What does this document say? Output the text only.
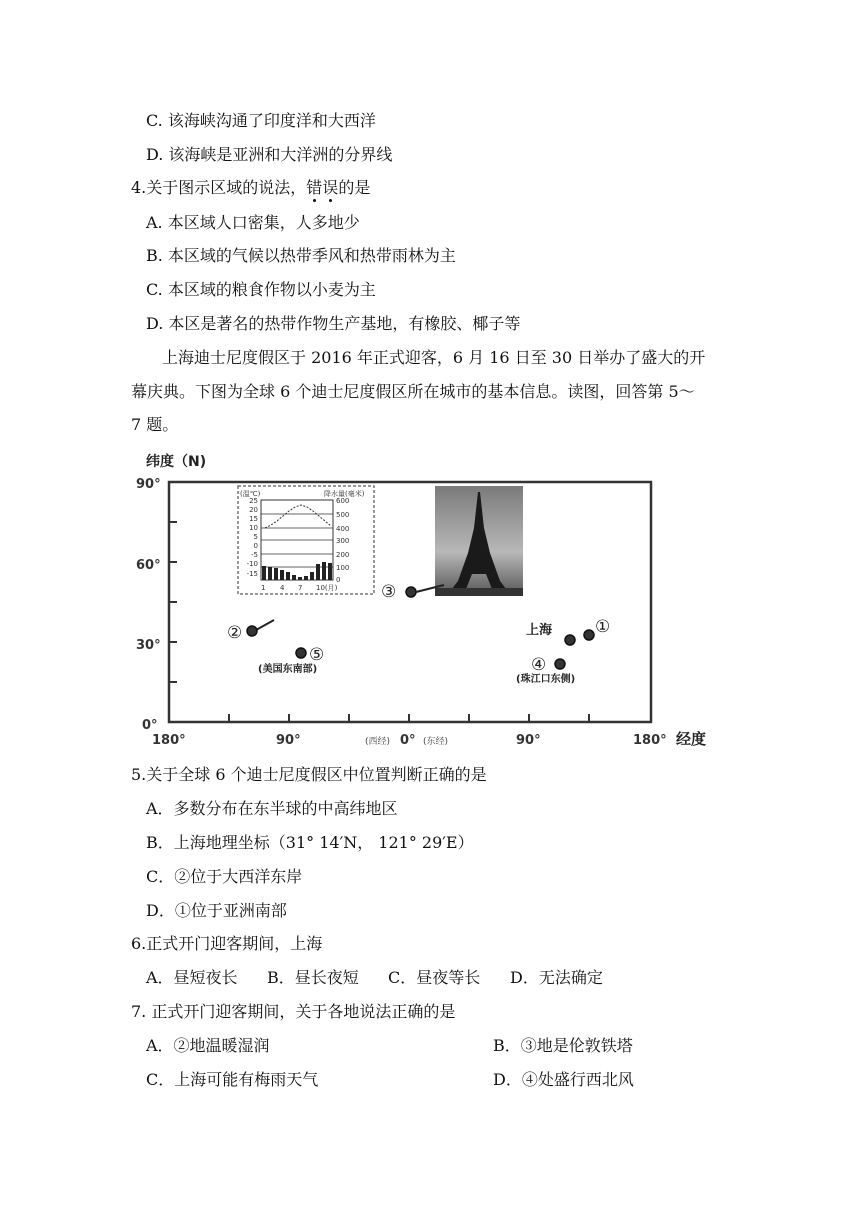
C. 该海峡沟通了印度洋和大西洋
D. 该海峡是亚洲和大洋洲的分界线
4.关于图示区域的说法，错误的是
A. 本区域人口密集，人多地少
B. 本区域的气候以热带季风和热带雨林为主
C. 本区域的粮食作物以小麦为主
D. 本区是著名的热带作物生产基地，有橡胶、椰子等
上海迪士尼度假区于 2016 年正式迎客，6 月 16 日至 30 日举办了盛大的开
幕庆典。下图为全球 6 个迪士尼度假区所在城市的基本信息。读图，回答第 5～
7 题。
纬度（N)
经度
90°
60°
30°
0°
180°	90°	(西经) 0° (东经)	90°	180°
(温℃)	降水量(毫米)
25
20
15
10
5
0
-5
-10
-15
600
500
400
300
200
100
0
1 4 7 10(月)
②
⑤
(美国东南部)
③
上海	①
④
(珠江口东侧)
5.关于全球 6 个迪士尼度假区中位置判断正确的是
A．多数分布在东半球的中高纬地区
B．上海地理坐标（31° 14′N， 121° 29′E）
C．②位于大西洋东岸
D．①位于亚洲南部
6.正式开门迎客期间，上海
A．昼短夜长 B．昼长夜短 C．昼夜等长 D．无法确定
7. 正式开门迎客期间，关于各地说法正确的是
A．②地温暖湿润	B．③地是伦敦铁塔
C．上海可能有梅雨天气	D．④处盛行西北风
